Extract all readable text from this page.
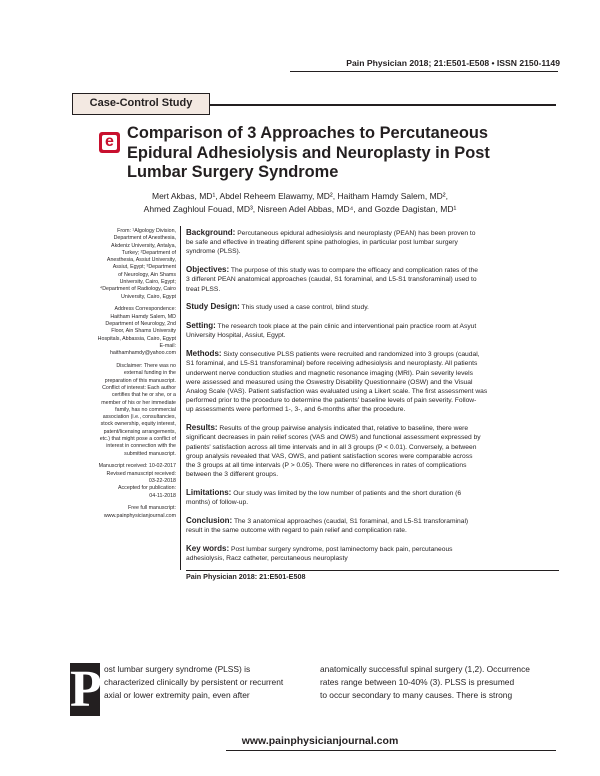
Pain Physician 2018; 21:E501-E508 • ISSN 2150-1149
Case-Control Study
e Comparison of 3 Approaches to Percutaneous
Epidural Adhesiolysis and Neuroplasty in Post
Lumbar Surgery Syndrome
Mert Akbas, MD¹, Abdel Reheem Elawamy, MD², Haitham Hamdy Salem, MD²,
Ahmed Zaghloul Fouad, MD³, Nisreen Adel Abbas, MD⁴, and Gozde Dagistan, MD¹
From: ¹Algology Division,
Department of Anesthesia,
Akdeniz University, Antalya,
Turkey; ²Department of
Anesthesia, Assiut University,
Assiut, Egypt; ³Department
of Neurology, Ain Shams
University, Cairo, Egypt;
⁴Department of Radiology, Cairo
University, Cairo, Egypt
Address Correspondence:
Haitham Hamdy Salem, MD
Department of Neurology, 2nd
Floor, Ain Shams University
Hospitals, Abbassia, Cairo, Egypt
E-mail:
haithamhamdy@yahoo.com
Disclaimer: There was no
external funding in the
preparation of this manuscript.
Conflict of interest: Each author
certifies that he or she, or a
member of his or her immediate
family, has no commercial
association (i.e., consultancies,
stock ownership, equity interest,
patent/licensing arrangements,
etc.) that might pose a conflict of
interest in connection with the
submitted manuscript.
Manuscript received: 10-02-2017
Revised manuscript received:
03-22-2018
Accepted for publication:
04-11-2018
Free full manuscript:
www.painphysicianjournal.com
Background: Percutaneous epidural adhesiolysis and neuroplasty (PEAN) has been proven to
be safe and effective in treating different spine pathologies, in particular post lumbar surgery
syndrome (PLSS).
Objectives: The purpose of this study was to compare the efficacy and complication rates of the
3 different PEAN anatomical approaches (caudal, S1 foraminal, and L5-S1 transforaminal) used to
treat PLSS.
Study Design: This study used a case control, blind study.
Setting: The research took place at the pain clinic and interventional pain practice room at Asyut
University Hospital, Assiut, Egypt.
Methods: Sixty consecutive PLSS patients were recruited and randomized into 3 groups (caudal,
S1 foraminal, and L5-S1 transforaminal) before receiving adhesiolysis and neuroplasty. All patients
underwent nerve conduction studies and magnetic resonance imaging (MRI). Pain severity levels
were assessed and measured using the Oswestry Disability Questionnaire (OSW) and the Visual
Analog Scale (VAS). Patient satisfaction was evaluated using a Likert scale. The first assessment was
performed prior to the procedure to determine the patients' baseline levels of pain severity. Follow-
up assessments were performed 1-, 3-, and 6-months after the procedure.
Results: Results of the group pairwise analysis indicated that, relative to baseline, there were
significant decreases in pain relief scores (VAS and OWS) and functional assessment expressed by
patients' satisfaction across all time intervals and in all 3 groups (P < 0.01). Conversely, a between
group analysis revealed that VAS, OWS, and patient satisfaction scores were comparable across
the 3 groups at all time intervals (P > 0.05). There were no differences in rates of complications
between the 3 different groups.
Limitations: Our study was limited by the low number of patients and the short duration (6
months) of follow-up.
Conclusion: The 3 anatomical approaches (caudal, S1 foraminal, and L5-S1 transforaminal)
result in the same outcome with regard to pain relief and complication rate.
Key words: Post lumbar surgery syndrome, post laminectomy back pain, percutaneous
adhesiolysis, Racz catheter, percutaneous neuroplasty
Pain Physician 2018: 21:E501-E508
P ost lumbar surgery syndrome (PLSS) is
characterized clinically by persistent or recurrent
axial or lower extremity pain, even after
anatomically successful spinal surgery (1,2). Occurrence
rates range between 10-40% (3). PLSS is presumed
to occur secondary to many causes. There is strong
www.painphysicianjournal.com
